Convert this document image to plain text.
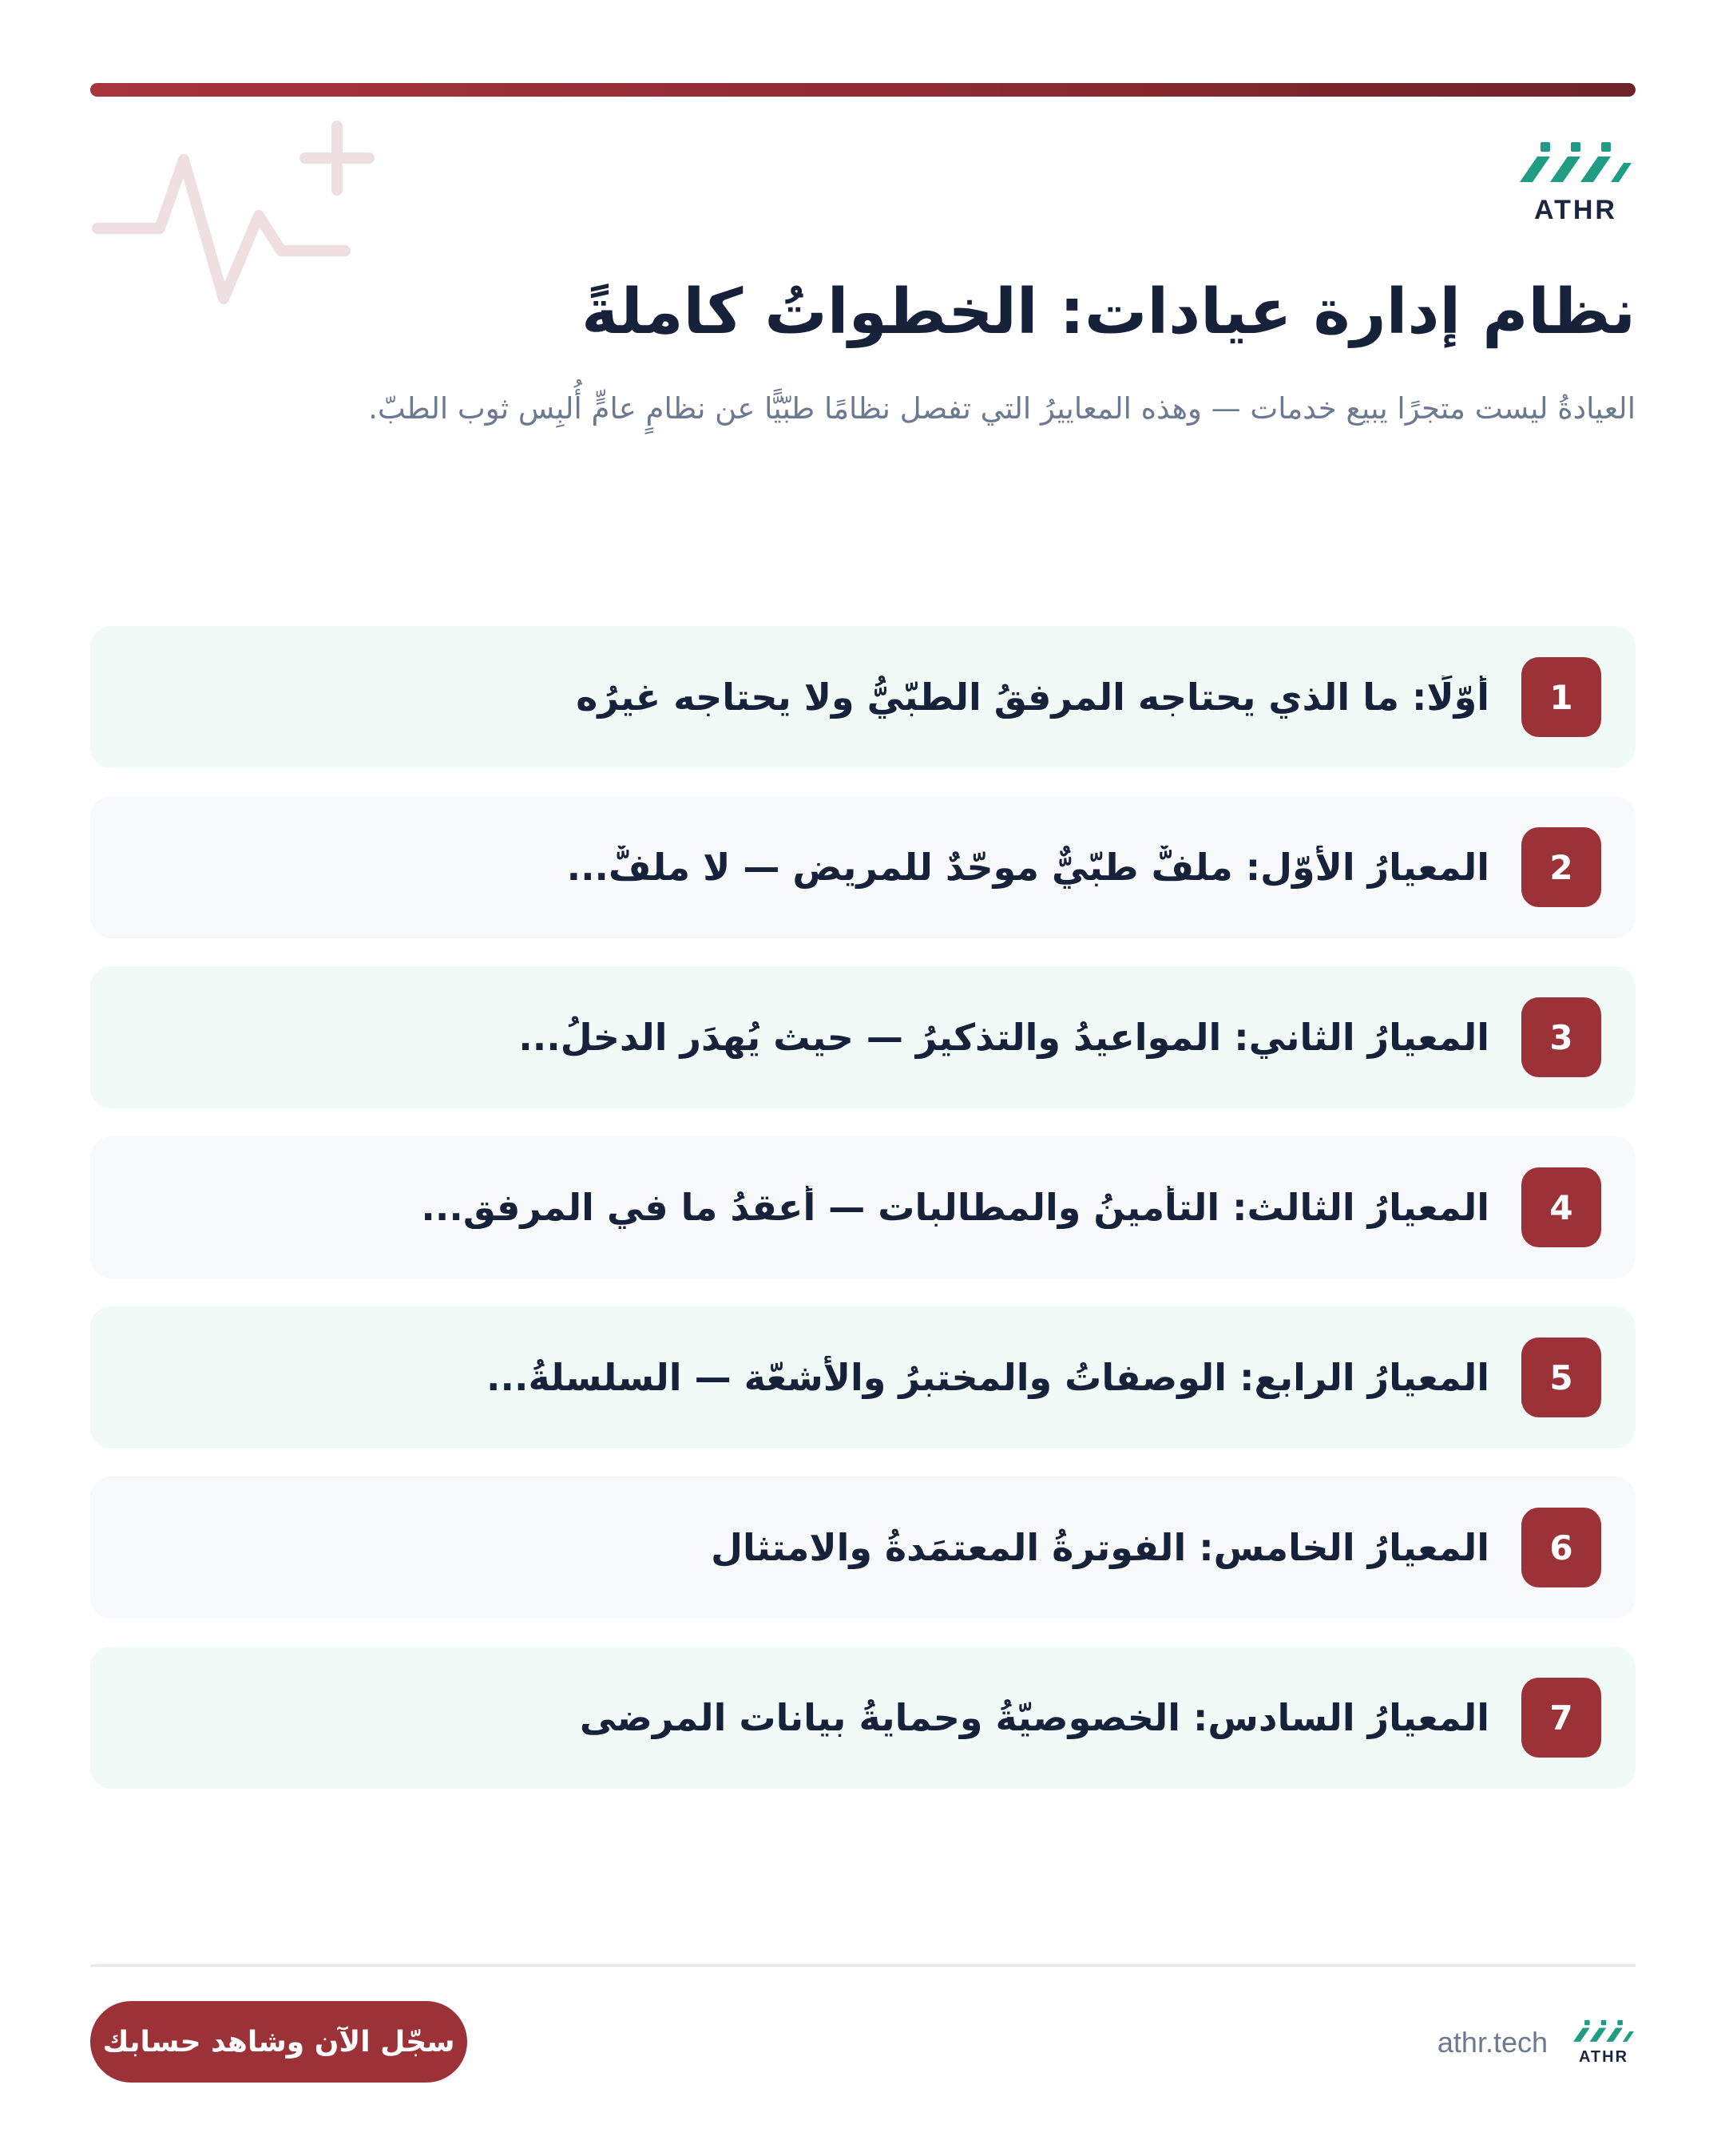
ATHR
نظام إدارة عيادات: الخطواتُ كاملةً

العيادةُ ليست متجرًا يبيع خدمات — وهذه المعاييرُ التي تفصل نظامًا طبّيًّا عن نظامٍ عامٍّ أُلبِس ثوب الطبّ.

1
أوّلًا: ما الذي يحتاجه المرفقُ الطبّيُّ ولا يحتاجه غيرُه
2
المعيارُ الأوّل: ملفٌّ طبّيٌّ موحّدٌ للمريض — لا ملفٌّ...
3
المعيارُ الثاني: المواعيدُ والتذكيرُ — حيث يُهدَر الدخلُ...
4
المعيارُ الثالث: التأمينُ والمطالبات — أعقدُ ما في المرفق...
5
المعيارُ الرابع: الوصفاتُ والمختبرُ والأشعّة — السلسلةُ...
6
المعيارُ الخامس: الفوترةُ المعتمَدةُ والامتثال
7
المعيارُ السادس: الخصوصيّةُ وحمايةُ بيانات المرضى
سجّل الآن وشاهد حسابك	ATHR
athr.tech
